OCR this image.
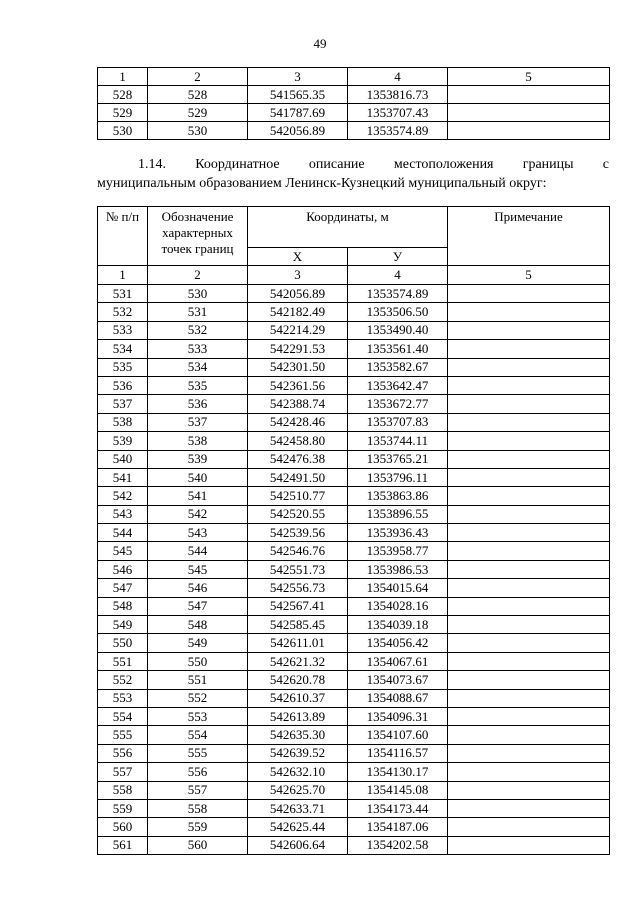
49
1	2	3	4	5
528	528	541565.35	1353816.73	
529	529	541787.69	1353707.43	
530	530	542056.89	1353574.89	
1.14. Координатное описание местоположения границы с
муниципальным образованием Ленинск-Кузнецкий муниципальный округ:
№ п/п	Обозначение характерных точек границ	Координаты, м		Примечание
		Х	У	
1	2	3	4	5
531	530	542056.89	1353574.89	
532	531	542182.49	1353506.50	
533	532	542214.29	1353490.40	
534	533	542291.53	1353561.40	
535	534	542301.50	1353582.67	
536	535	542361.56	1353642.47	
537	536	542388.74	1353672.77	
538	537	542428.46	1353707.83	
539	538	542458.80	1353744.11	
540	539	542476.38	1353765.21	
541	540	542491.50	1353796.11	
542	541	542510.77	1353863.86	
543	542	542520.55	1353896.55	
544	543	542539.56	1353936.43	
545	544	542546.76	1353958.77	
546	545	542551.73	1353986.53	
547	546	542556.73	1354015.64	
548	547	542567.41	1354028.16	
549	548	542585.45	1354039.18	
550	549	542611.01	1354056.42	
551	550	542621.32	1354067.61	
552	551	542620.78	1354073.67	
553	552	542610.37	1354088.67	
554	553	542613.89	1354096.31	
555	554	542635.30	1354107.60	
556	555	542639.52	1354116.57	
557	556	542632.10	1354130.17	
558	557	542625.70	1354145.08	
559	558	542633.71	1354173.44	
560	559	542625.44	1354187.06	
561	560	542606.64	1354202.58	
